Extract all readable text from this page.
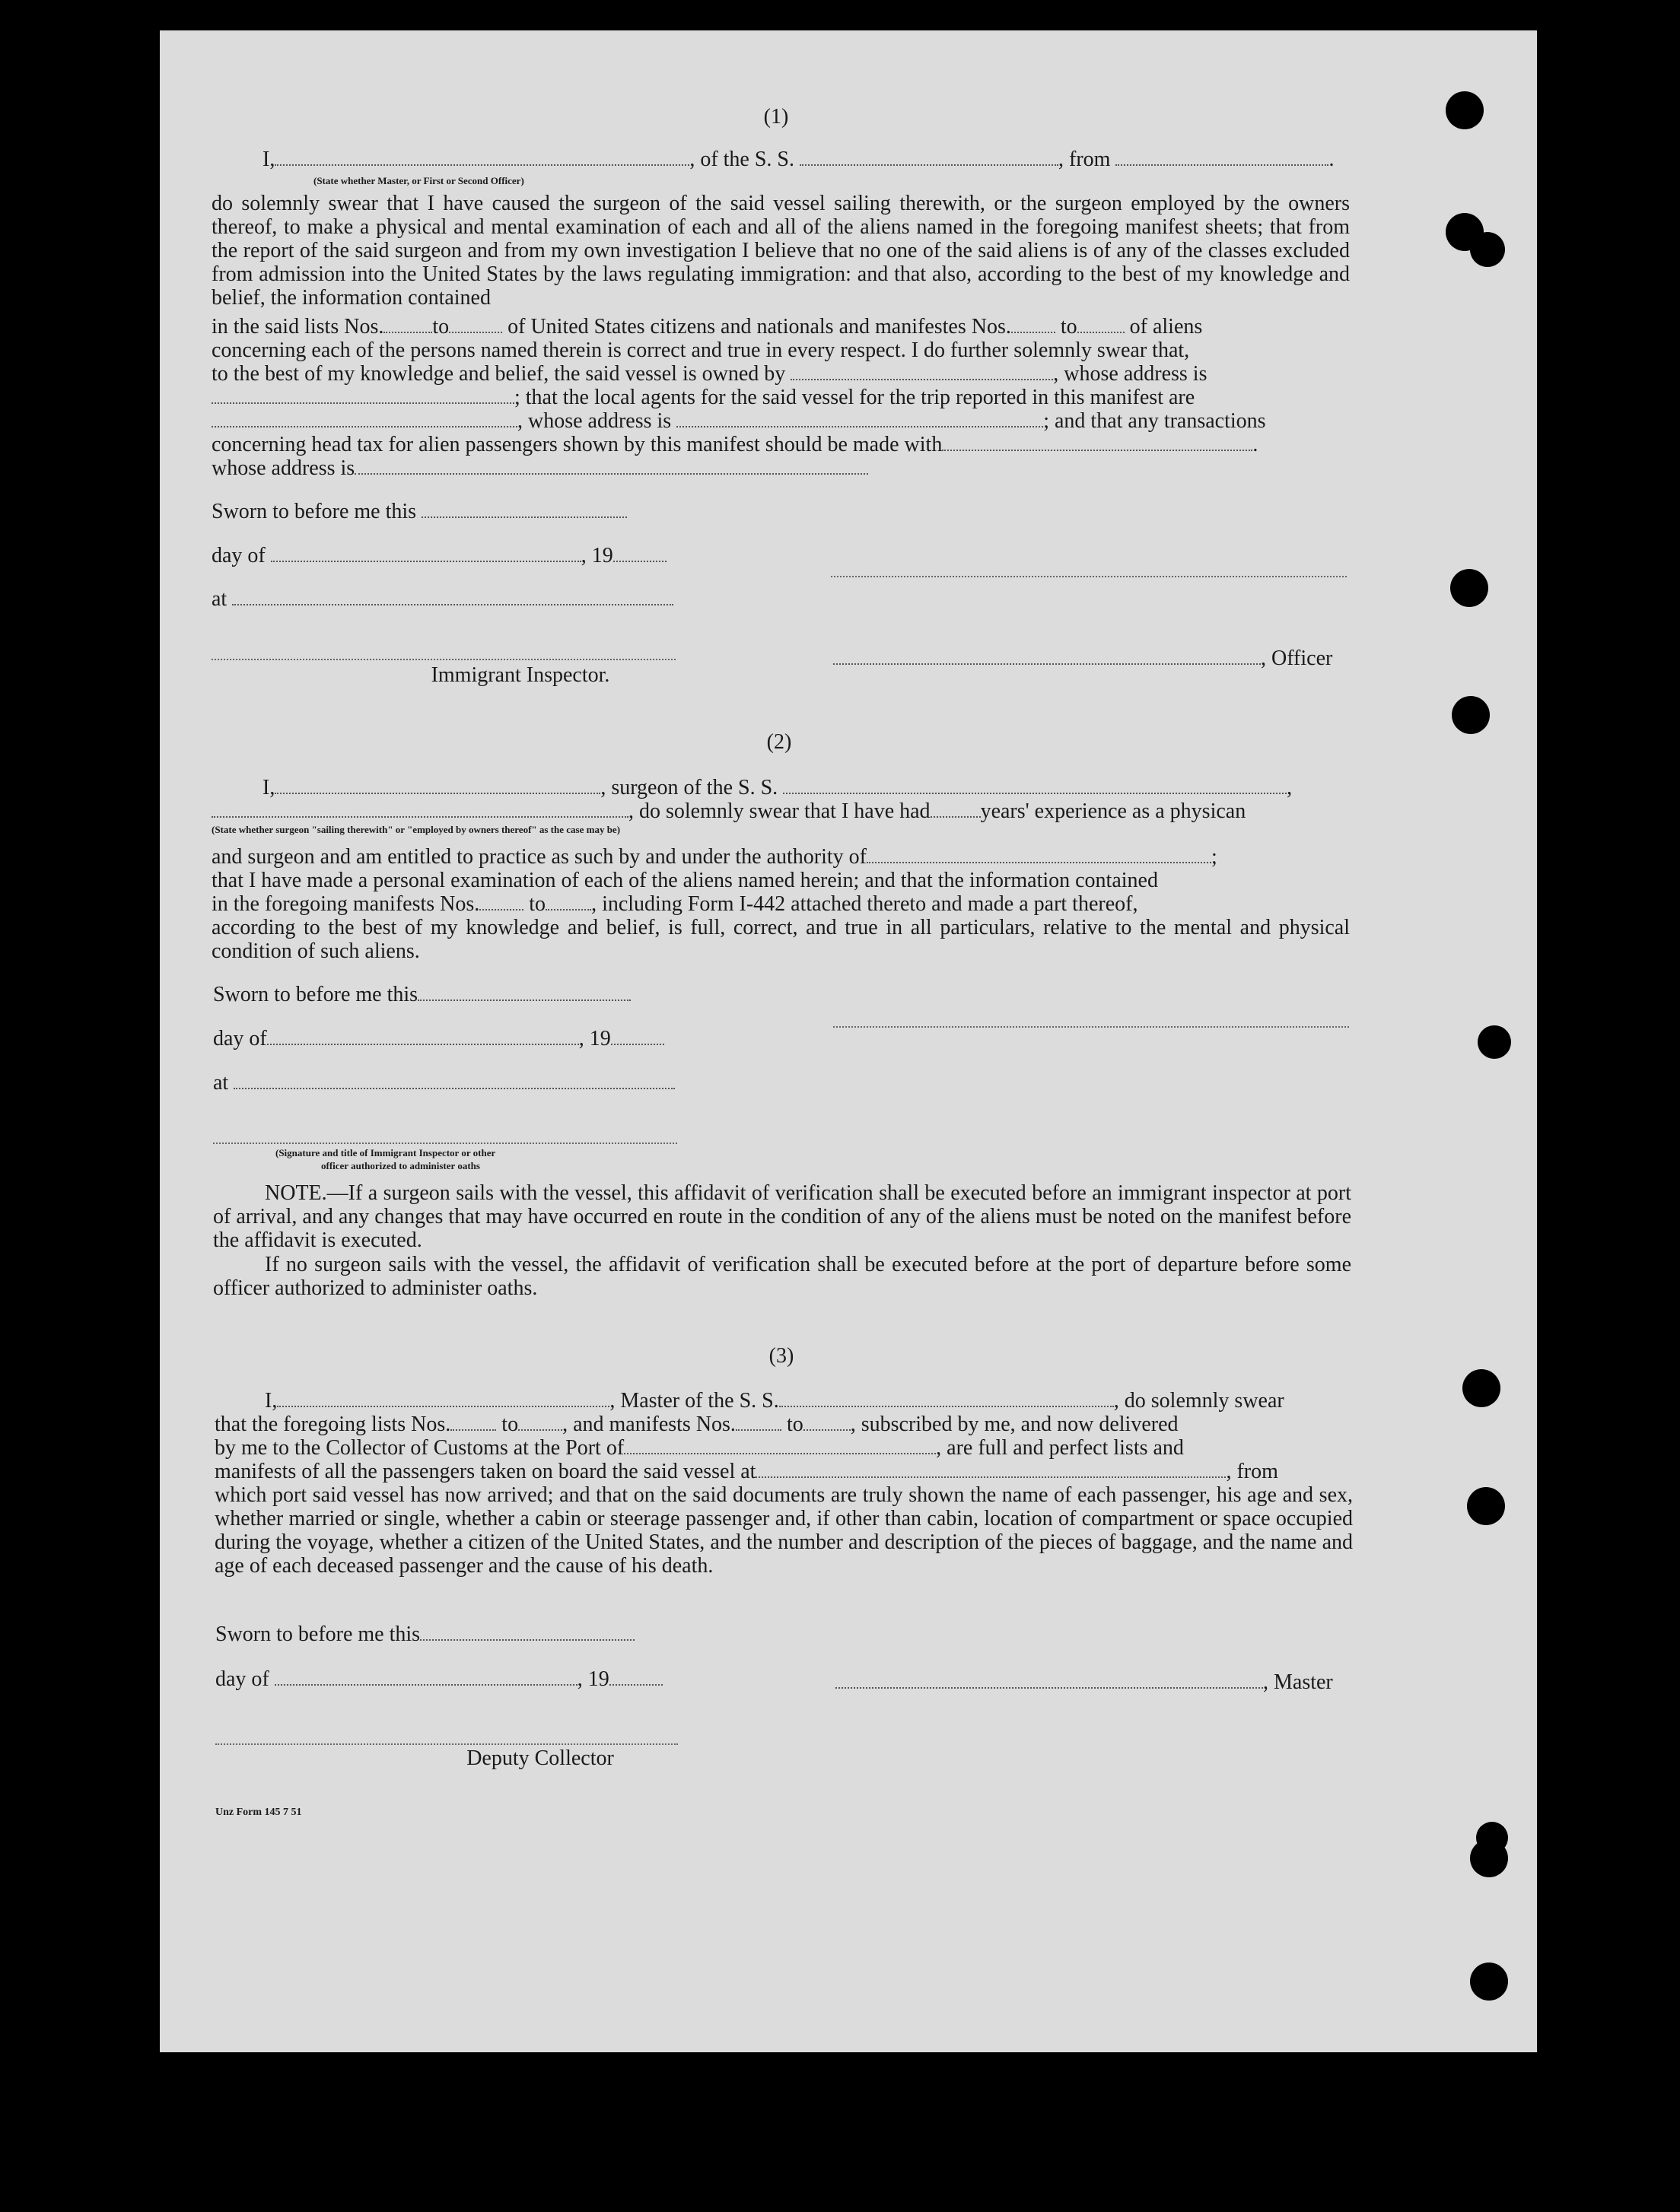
(1)
I,	, of the S. S.	, from	.
(State whether Master, or First or Second Officer)
do solemnly swear that I have caused the surgeon of the said vessel sailing therewith, or the surgeon employed by the owners thereof, to make a physical and mental examination of each and all of the aliens named in the foregoing manifest sheets; that from the report of the said surgeon and from my own investigation I believe that no one of the said aliens is of any of the classes excluded from admission into the United States by the laws regulating immigration: and that also, according to the best of my knowledge and belief, the information contained
in the said lists Nos. to	of United States citizens and nationals and manifestes Nos. to of aliens
concerning each of the persons named therein is correct and true in every respect. I do further solemnly swear that,
to the best of my knowledge and belief, the said vessel is owned by	, whose address is
; that the local agents for the said vessel for the trip reported in this manifest are
, whose address is	; and that any transactions
concerning head tax for alien passengers shown by this manifest should be made with	.
whose address is
Sworn to before me this
day of	, 19
at
, Officer
Immigrant Inspector.
(2)
I,	, surgeon of the S. S.	,
, do solemnly swear that I have had years' experience as a physican
(State whether surgeon "sailing therewith" or "employed by owners thereof" as the case may be)
and surgeon and am entitled to practice as such by and under the authority of	;
that I have made a personal examination of each of the aliens named herein; and that the information contained
in the foregoing manifests Nos. to , including Form I-442 attached thereto and made a part thereof,
according to the best of my knowledge and belief, is full, correct, and true in all particulars, relative to the mental and physical condition of such aliens.
Sworn to before me this
day of	, 19
at
(Signature and title of Immigrant Inspector or other
officer authorized to administer oaths
NOTE.—If a surgeon sails with the vessel, this affidavit of verification shall be executed before an immigrant inspector at port of arrival, and any changes that may have occurred en route in the condition of any of the aliens must be noted on the manifest before the affidavit is executed.
If no surgeon sails with the vessel, the affidavit of verification shall be executed before at the port of departure before some officer authorized to administer oaths.
(3)
I,	, Master of the S. S.	, do solemnly swear
that the foregoing lists Nos. to , and manifests Nos. to , subscribed by me, and now delivered
by me to the Collector of Customs at the Port of	, are full and perfect lists and
manifests of all the passengers taken on board the said vessel at	, from
which port said vessel has now arrived; and that on the said documents are truly shown the name of each passenger, his age and sex, whether married or single, whether a cabin or steerage passenger and, if other than cabin, location of compartment or space occupied during the voyage, whether a citizen of the United States, and the number and description of the pieces of baggage, and the name and age of each deceased passenger and the cause of his death.
Sworn to before me this
day of	, 19	, Master
Deputy Collector
Unz Form 145 7 51
